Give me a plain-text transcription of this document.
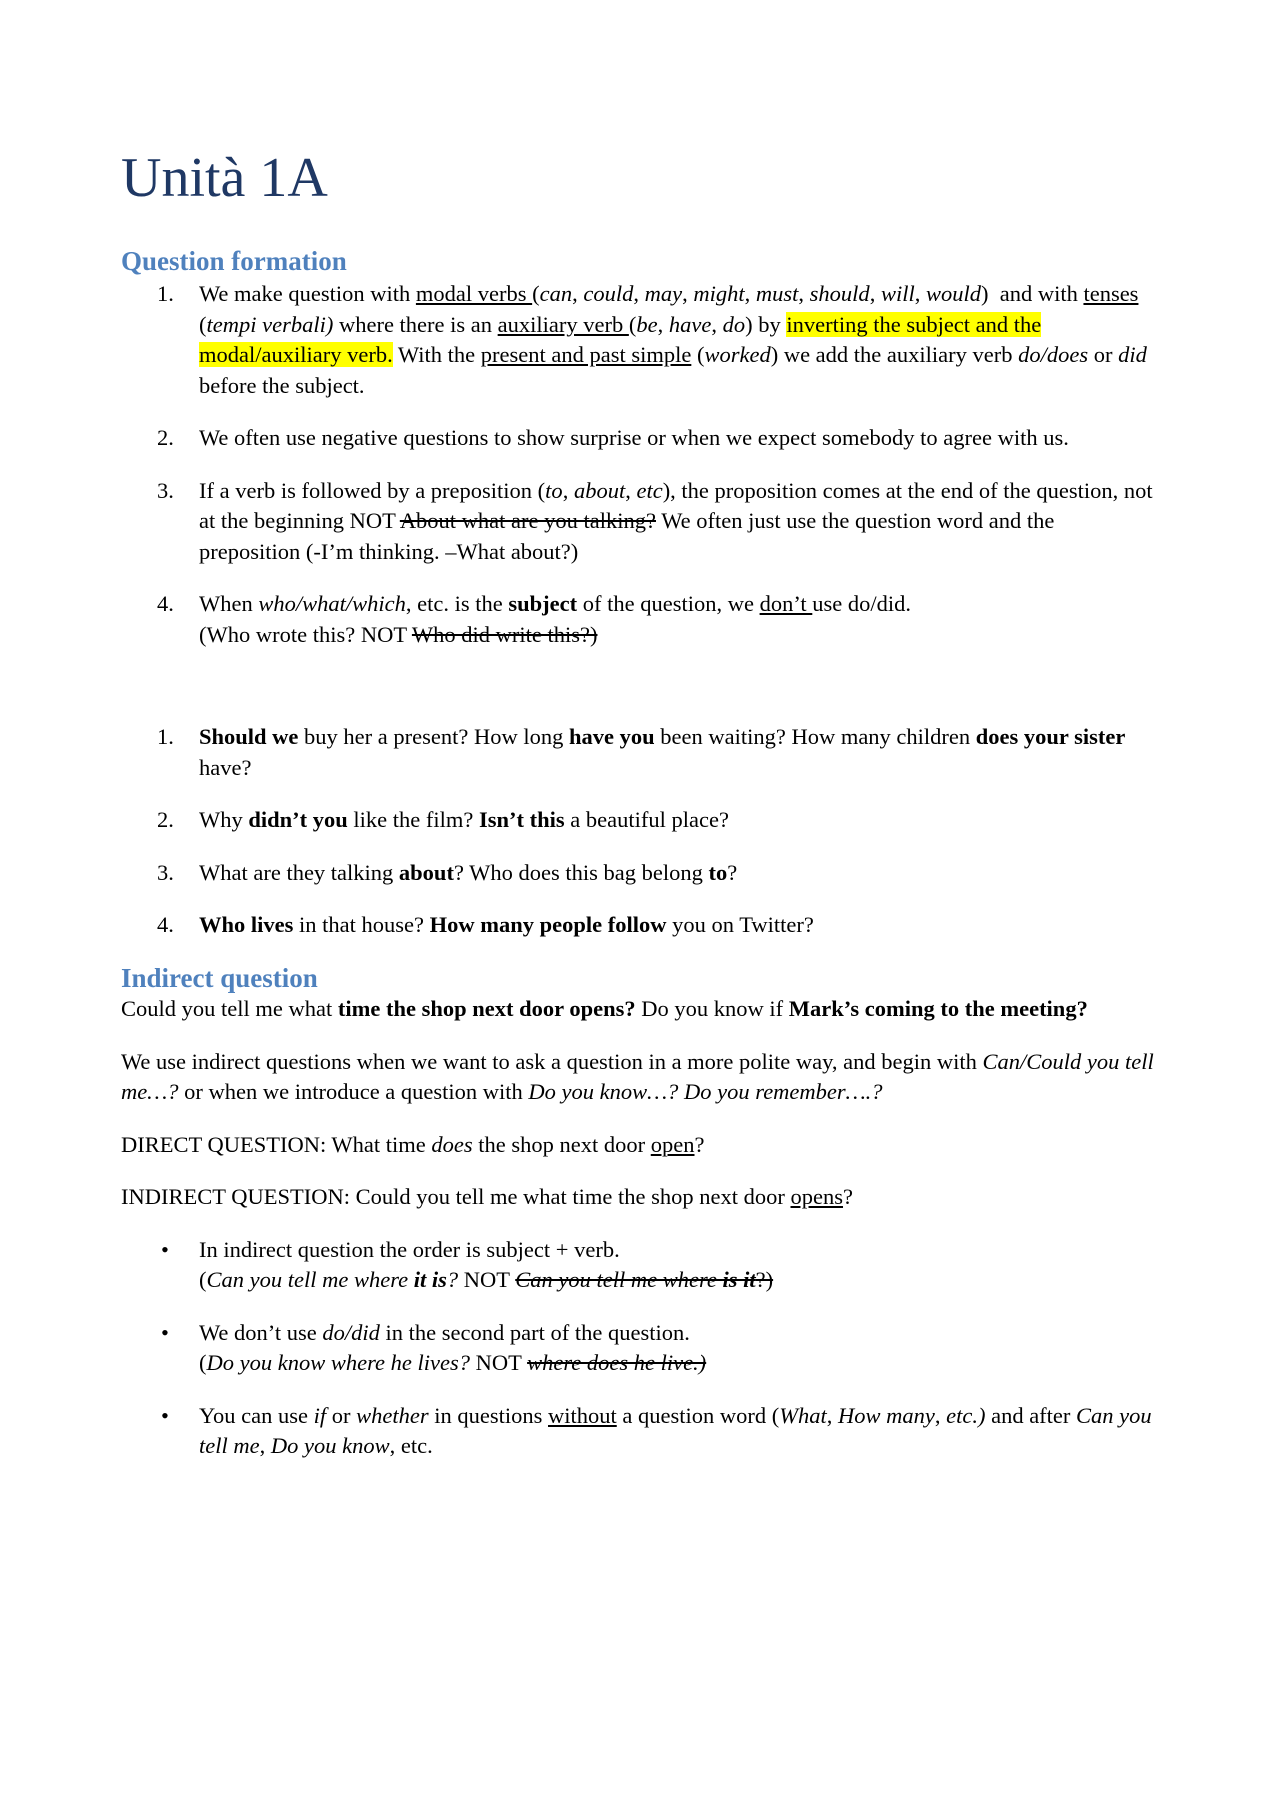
Unità 1A
Question formation
1.	We make question with modal verbs (can, could, may, might, must, should, will, would)  and with tenses (tempi verbali) where there is an auxiliary verb (be, have, do) by inverting the subject and the modal/auxiliary verb. With the present and past simple (worked) we add the auxiliary verb do/does or did before the subject.
2.	We often use negative questions to show surprise or when we expect somebody to agree with us.
3.	If a verb is followed by a preposition (to, about, etc), the proposition comes at the end of the question, not at the beginning NOT About what are you talking? We often just use the question word and the preposition (-I’m thinking. –What about?)
4.	When who/what/which, etc. is the subject of the question, we don’t use do/did.
(Who wrote this? NOT Who did write this?)
1.	Should we buy her a present? How long have you been waiting? How many children does your sister have?
2.	Why didn’t you like the film? Isn’t this a beautiful place?
3.	What are they talking about? Who does this bag belong to?
4.	Who lives in that house? How many people follow you on Twitter?
Indirect question

Could you tell me what time the shop next door opens? Do you know if Mark’s coming to the meeting?

We use indirect questions when we want to ask a question in a more polite way, and begin with Can/Could you tell me…? or when we introduce a question with Do you know…? Do you remember….?

DIRECT QUESTION: What time does the shop next door open?

INDIRECT QUESTION: Could you tell me what time the shop next door opens?

• In indirect question the order is subject + verb.
(Can you tell me where it is? NOT Can you tell me where is it?)
• We don’t use do/did in the second part of the question.
(Do you know where he lives? NOT where does he live.)
• You can use if or whether in questions without a question word (What, How many, etc.) and after Can you tell me, Do you know, etc.
